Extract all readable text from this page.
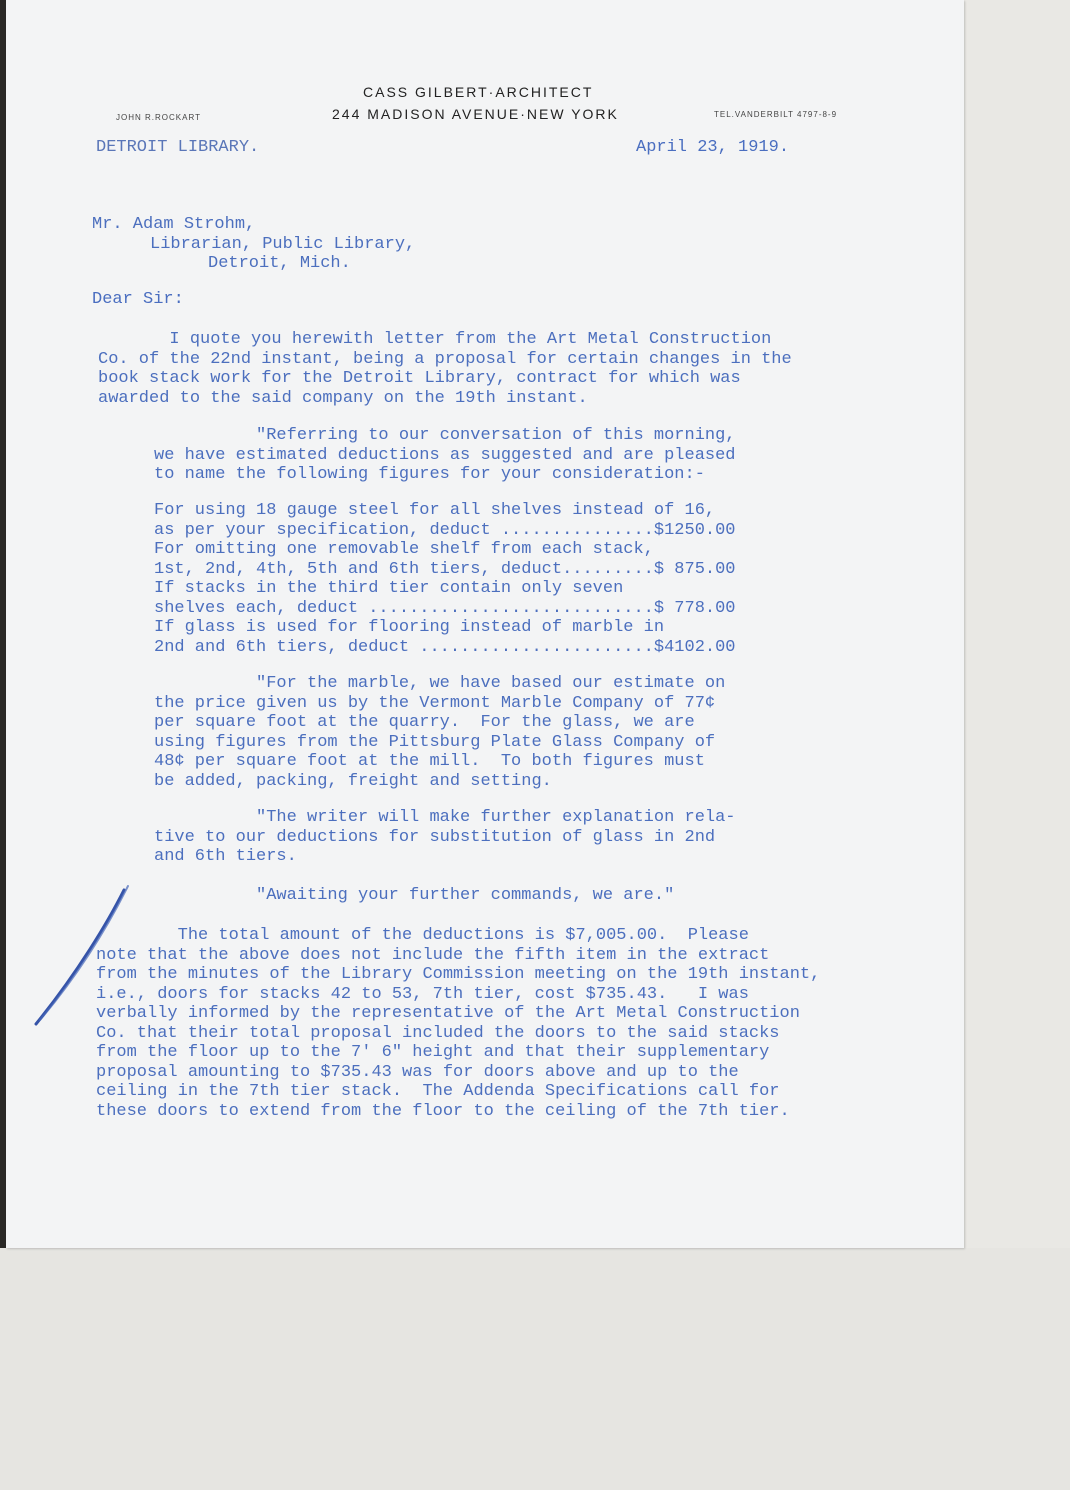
CASS GILBERT·ARCHITECT
244 MADISON AVENUE·NEW YORK
JOHN R.ROCKART	TEL.VANDERBILT 4797-8-9
DETROIT LIBRARY.	April 23, 1919.
Mr. Adam Strohm,
Librarian, Public Library,
Detroit, Mich.
Dear Sir:
I quote you herewith letter from the Art Metal Construction
Co. of the 22nd instant, being a proposal for certain changes in the
book stack work for the Detroit Library, contract for which was
awarded to the said company on the 19th instant.
"Referring to our conversation of this morning,
we have estimated deductions as suggested and are pleased
to name the following figures for your consideration:-
For using 18 gauge steel for all shelves instead of 16,
as per your specification, deduct ...............$1250.00
For omitting one removable shelf from each stack,
1st, 2nd, 4th, 5th and 6th tiers, deduct.........$ 875.00
If stacks in the third tier contain only seven
shelves each, deduct ............................$ 778.00
If glass is used for flooring instead of marble in
2nd and 6th tiers, deduct .......................$4102.00
"For the marble, we have based our estimate on
the price given us by the Vermont Marble Company of 77¢
per square foot at the quarry.  For the glass, we are
using figures from the Pittsburg Plate Glass Company of
48¢ per square foot at the mill.  To both figures must
be added, packing, freight and setting.
"The writer will make further explanation rela-
tive to our deductions for substitution of glass in 2nd
and 6th tiers.
"Awaiting your further commands, we are."
The total amount of the deductions is $7,005.00.  Please
note that the above does not include the fifth item in the extract
from the minutes of the Library Commission meeting on the 19th instant,
i.e., doors for stacks 42 to 53, 7th tier, cost $735.43.   I was
verbally informed by the representative of the Art Metal Construction
Co. that their total proposal included the doors to the said stacks
from the floor up to the 7' 6" height and that their supplementary
proposal amounting to $735.43 was for doors above and up to the
ceiling in the 7th tier stack.  The Addenda Specifications call for
these doors to extend from the floor to the ceiling of the 7th tier.
